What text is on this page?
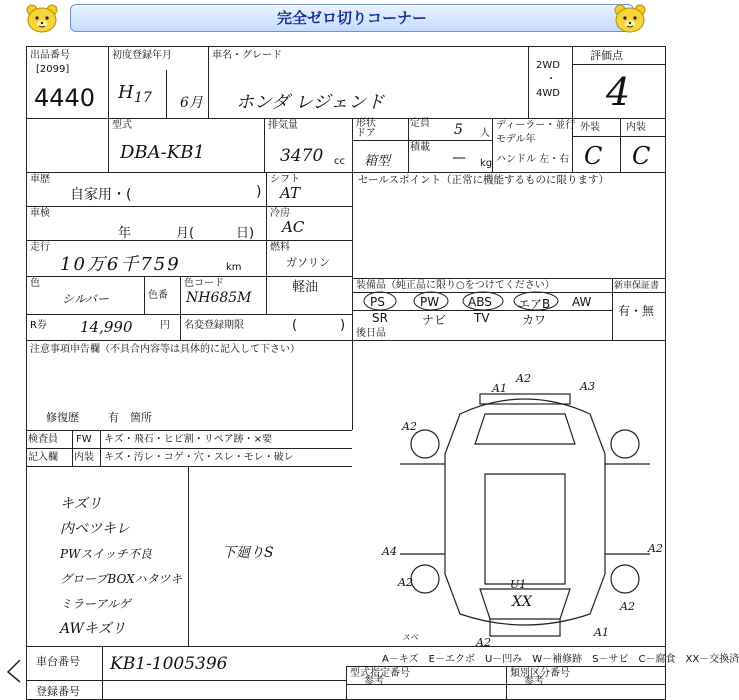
完全ゼロ切りコーナー
出品番号
[2099]
4440
初度登録年月
H 17 6月
車名・グレード
ホンダ レジェンド
2WD
・
4WD
評価点
4
外装	内装
C C
型式
DBA-KB1
排気量
3470 cc
形状
ドア
箱型
積載
— kg
定員 5 人
ディーラー・並行
モデル年
ハンドル 左・右
車歴
自家用・(	)
シフト
AT
セールスポイント（正常に機能するものに限ります）
車検
年	月(	日)
冷房
AC
走行
10万6千759	km
燃料
ガソリン
軽油
色
シルバー	色番
色コード
NH685M
装備品（純正品に限り○をつけてください）	新車保証書
有・無
PS	PW ABS エアB AW
SR	ナビ TV	カワ
R券 14,990	円 名変登録期限	(	)
注意事項申告欄（不具合内容等は具体的に記入して下さい）
後日品
修復歴	有 箇所
検査員 FW キズ・飛石・ヒビ割・リペア跡・×要
記入欄 内装 キズ・汚レ・コゲ・穴・スレ・モレ・破レ
キズリ
内ベツキレ
PWスイッチ不良
グローブBOXハタツキ
ミラーアルゲ
AWキズリ
下廻りS
A1
A2
A3
A2
A4
A2
A2
A2
A1
A2
U1
XX
スベ
車台番号 KB1-1005396
登録番号
A－キズ　E－エクボ　U－凹み　W－補修跡　S－サビ　C－腐食　XX－交換済
型式指定番号	類別区分番号
参考	参考
